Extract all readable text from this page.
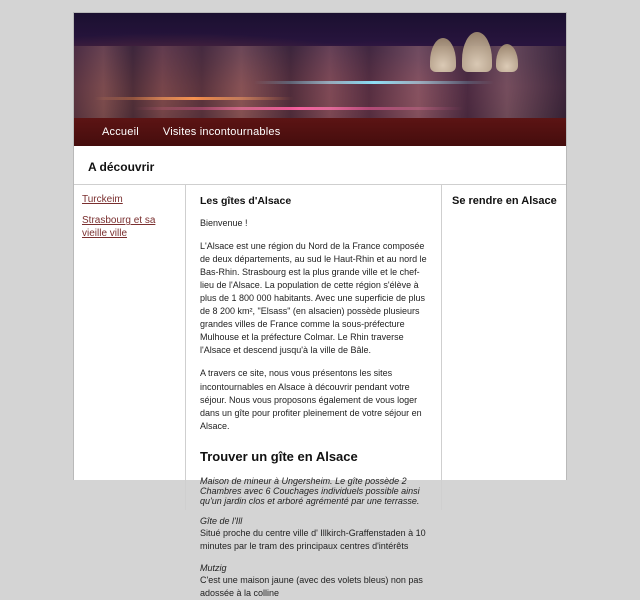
Accueil Visites incontournables
A découvrir
Turckeim
Strasbourg et sa vieille ville

Les gîtes d'Alsace

Bienvenue !

L'Alsace est une région du Nord de la France composée de deux départements, au sud le Haut-Rhin et au nord le Bas-Rhin. Strasbourg est la plus grande ville et le chef-lieu de l'Alsace. La population de cette région s'élève à plus de 1 800 000 habitants. Avec une superficie de plus de 8 200 km², "Elsass" (en alsacien) possède plusieurs grandes villes de France comme la sous-préfecture Mulhouse et la préfecture Colmar. Le Rhin traverse l'Alsace et descend jusqu'à la ville de Bâle.

A travers ce site, nous vous présentons les sites incontournables en Alsace à découvrir pendant votre séjour. Nous vous proposons également de vous loger dans un gîte pour profiter pleinement de votre séjour en Alsace.

Trouver un gîte en Alsace

Maison de mineur à Ungersheim. Le gîte possède 2 Chambres avec 6 Couchages individuels possible ainsi qu'un jardin clos et arboré agrémenté par une terrasse.

Gîte de l'Ill

Situé proche du centre ville d' Illkirch-Graffenstaden à 10 minutes par le tram des principaux centres d'intérêts

Mutzig

C'est une maison jaune (avec des volets bleus) non pas adossée à la colline

Se rendre en Alsace
